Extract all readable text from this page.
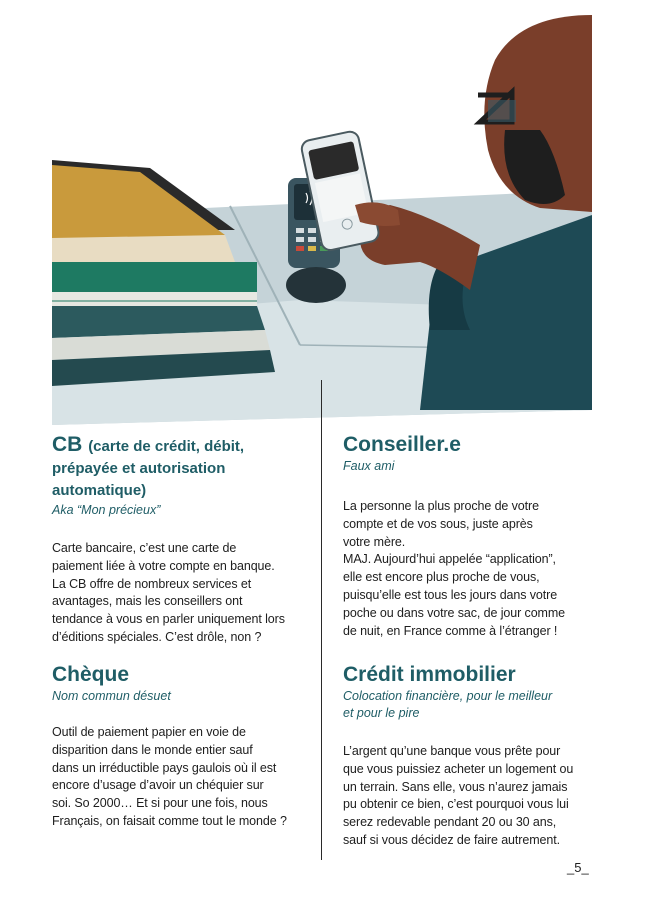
CB (carte de crédit, débit, prépayée et autorisation automatique)

Aka “Mon précieux”

Carte bancaire, c’est une carte de
paiement liée à votre compte en banque.
La CB offre de nombreux services et
avantages, mais les conseillers ont
tendance à vous en parler uniquement lors
d’éditions spéciales. C’est drôle, non ?

Chèque

Nom commun désuet

Outil de paiement papier en voie de
disparition dans le monde entier sauf
dans un irréductible pays gaulois où il est
encore d’usage d’avoir un chéquier sur
soi. So 2000… Et si pour une fois, nous
Français, on faisait comme tout le monde ?

Conseiller.e

Faux ami

La personne la plus proche de votre
compte et de vos sous, juste après
votre mère.
MAJ. Aujourd’hui appelée “application”,
elle est encore plus proche de vous,
puisqu’elle est tous les jours dans votre
poche ou dans votre sac, de jour comme
de nuit, en France comme à l’étranger !

Crédit immobilier

Colocation financière, pour le meilleur
et pour le pire

L’argent qu’une banque vous prête pour
que vous puissiez acheter un logement ou
un terrain. Sans elle, vous n’aurez jamais
pu obtenir ce bien, c’est pourquoi vous lui
serez redevable pendant 20 ou 30 ans,
sauf si vous décidez de faire autrement.

_5_
